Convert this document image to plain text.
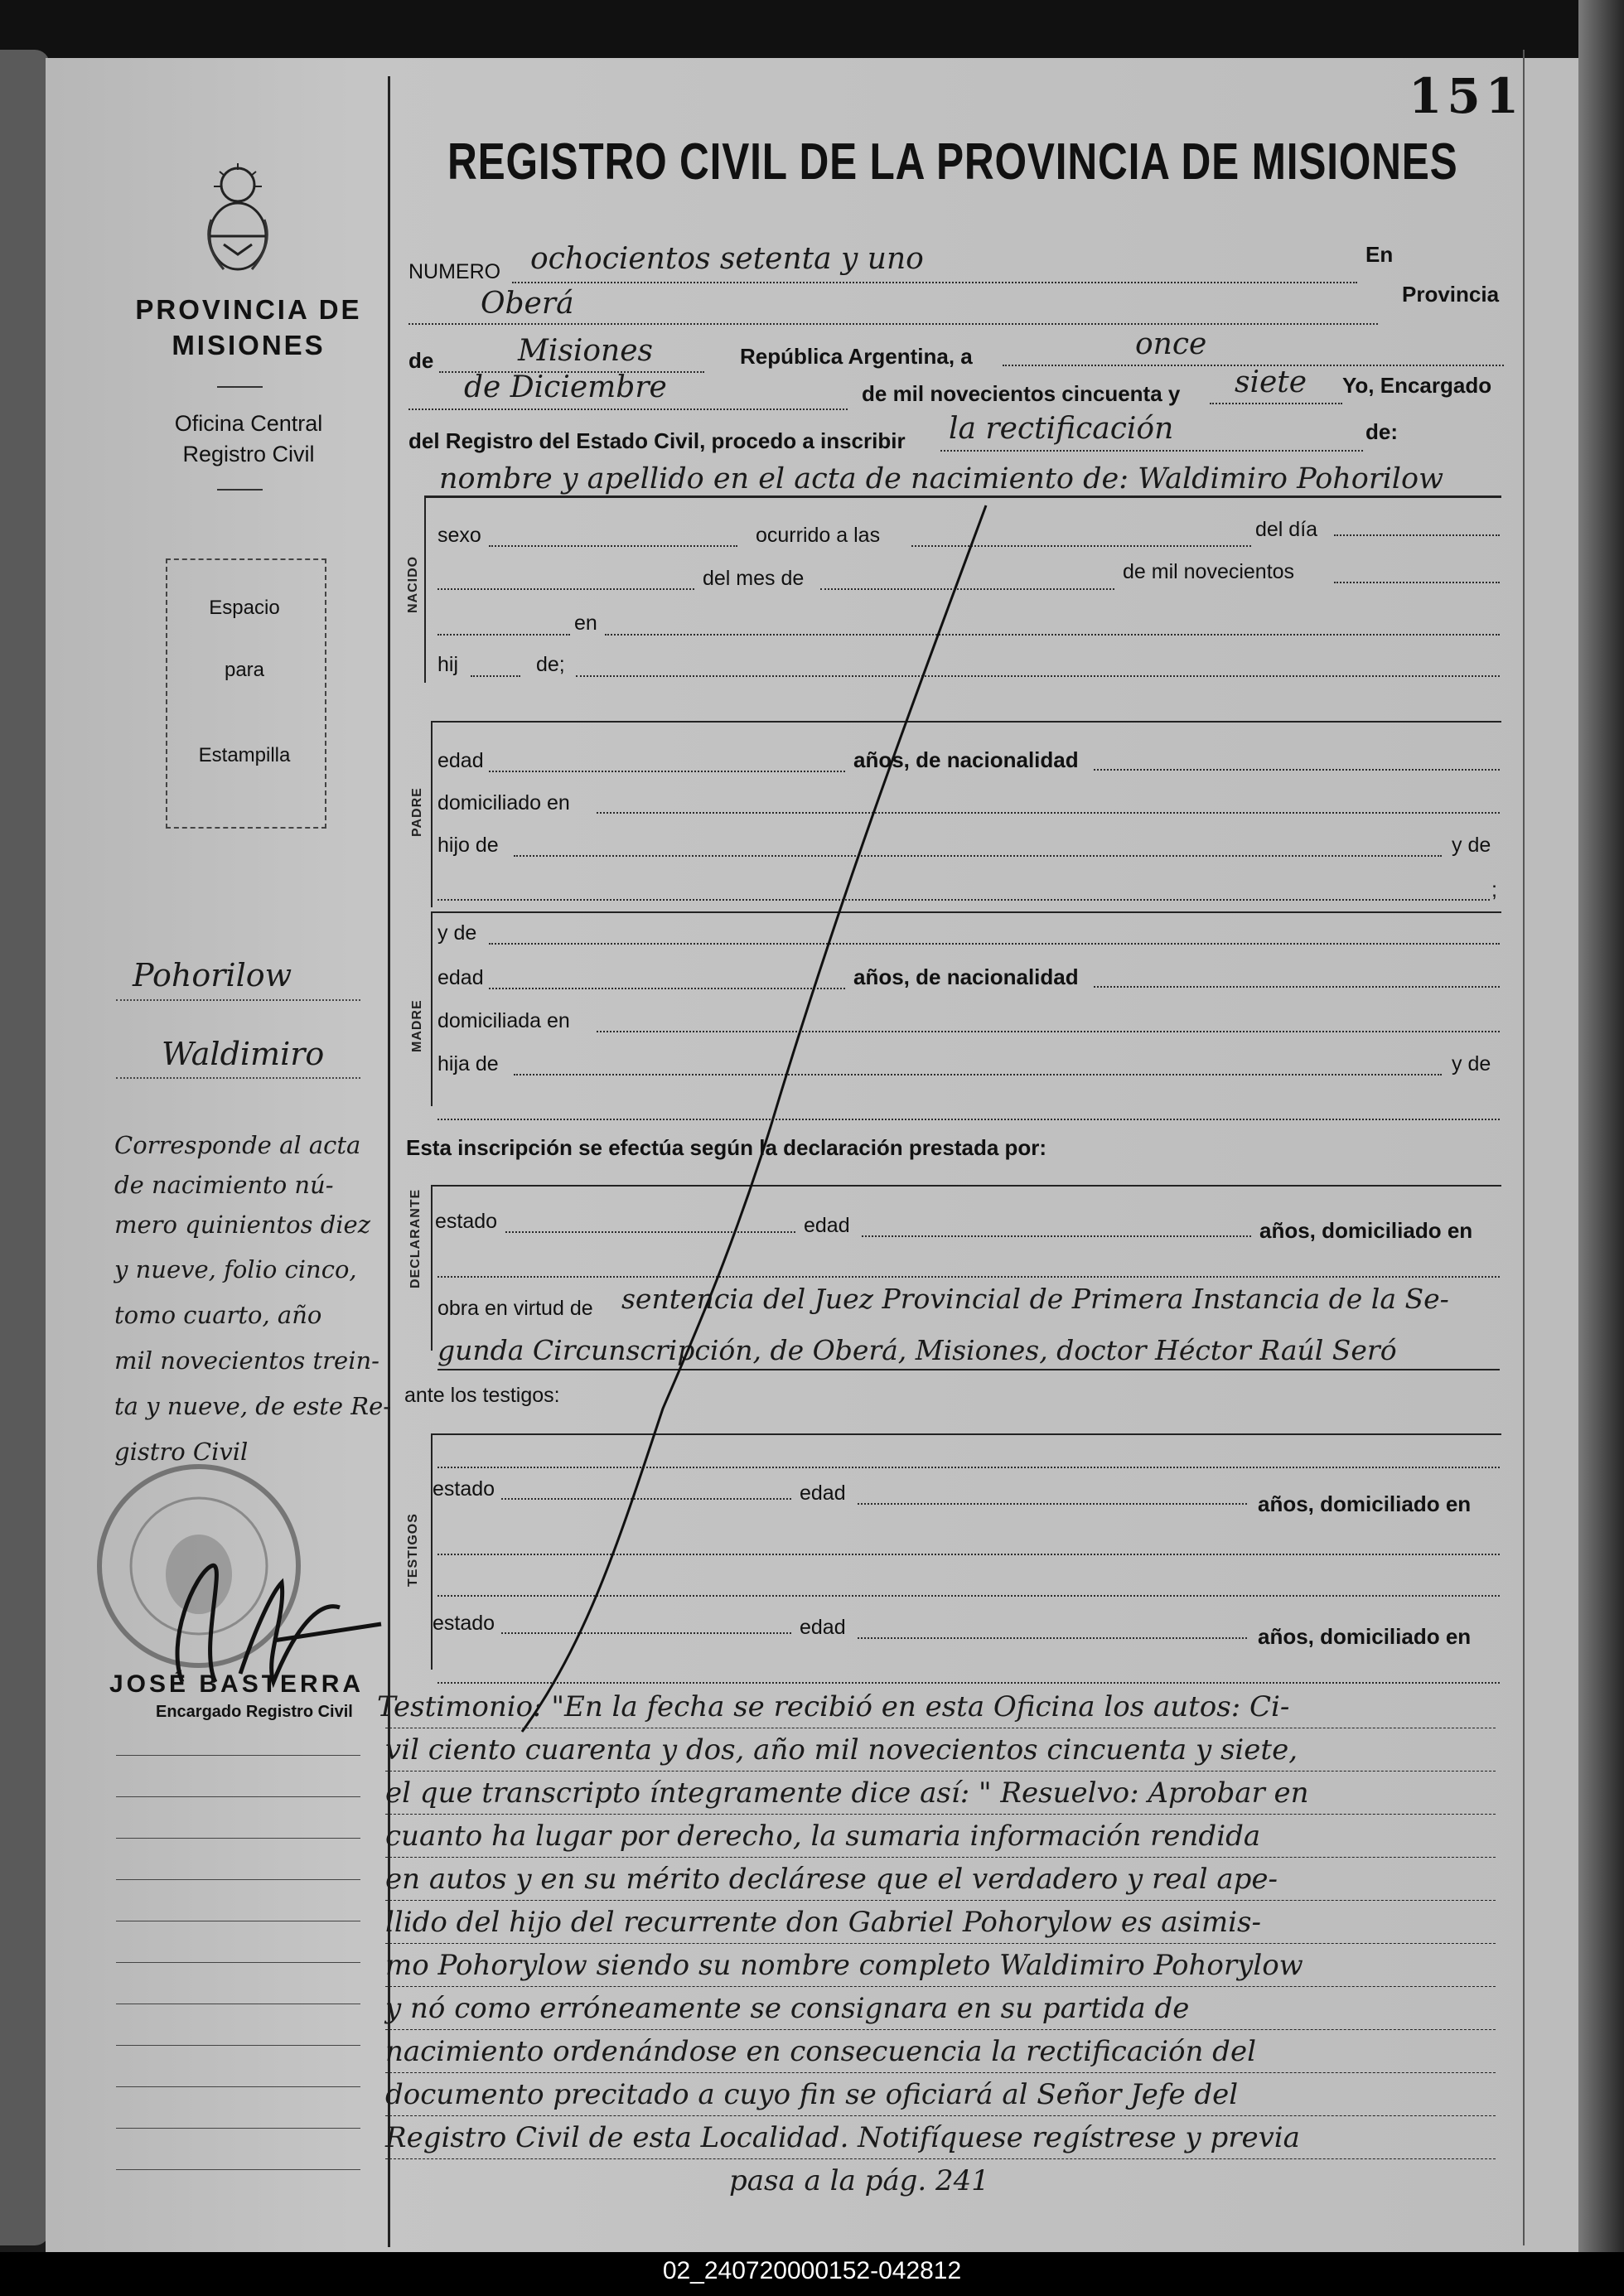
PROVINCIA DE MISIONES
Oficina Central
Registro Civil
Espacio
para
Estampilla
Pohorilow
Waldimiro
Corresponde al acta
de nacimiento nú-
mero quinientos diez
y nueve, folio cinco,
tomo cuarto, año
mil novecientos trein-
ta y nueve, de este Re-
gistro Civil
JOSÉ BASTERRA
Encargado Registro Civil
151
REGISTRO CIVIL DE LA PROVINCIA DE MISIONES
NUMERO ochocientos setenta y uno	En
Oberá	Provincia
de	Misiones	República Argentina, a	once
de Diciembre	de mil novecientos cincuenta y siete Yo, Encargado
del Registro del Estado Civil, procedo a inscribir la rectificación	de:
nombre y apellido en el acta de nacimiento de: Waldimiro Pohorilow
NACIDO
sexo	ocurrido a las	del día
del mes de	de mil novecientos
en
hij	de;
PADRE
edad	años, de nacionalidad
domiciliado en
hijo de	y de
;
MADRE
y de
edad	años, de nacionalidad
domiciliada en
hija de	y de
Esta inscripción se efectúa según la declaración prestada por:
DECLARANTE estado	edad	años, domiciliado en
obra en virtud de sentencia del Juez Provincial de Primera Instancia de la Se-
gunda Circunscripción, de Oberá, Misiones, doctor Héctor Raúl Seró
ante los testigos:
TESTIGOS
estado	edad	años, domiciliado en
estado	edad	años, domiciliado en
Testimonio: "En la fecha se recibió en esta Oficina los autos: Ci-
vil ciento cuarenta y dos, año mil novecientos cincuenta y siete,
el que transcripto íntegramente dice así: " Resuelvo: Aprobar en
cuanto ha lugar por derecho, la sumaria información rendida
en autos y en su mérito declárese que el verdadero y real ape-
llido del hijo del recurrente don Gabriel Pohorylow es asimis-
mo Pohorylow siendo su nombre completo Waldimiro Pohorylow
y nó como erróneamente se consignara en su partida de
nacimiento ordenándose en consecuencia la rectificación del
documento precitado a cuyo fin se oficiará al Señor Jefe del
Registro Civil de esta Localidad. Notifíquese regístrese y previa
pasa a la pág. 241
02_240720000152-042812
